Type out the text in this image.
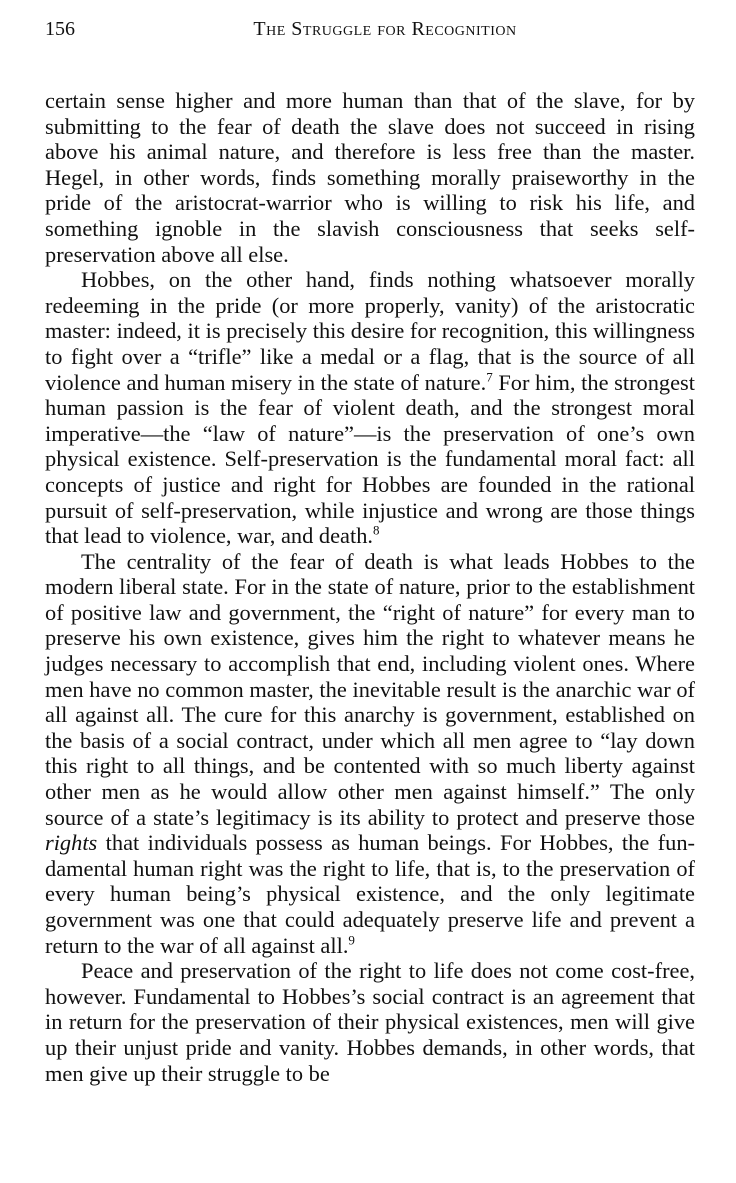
156	The Struggle for Recognition

certain sense higher and more human than that of the slave, for by submitting to the fear of death the slave does not succeed in rising above his animal nature, and therefore is less free than the master. Hegel, in other words, finds something morally praiseworthy in the pride of the aristocrat-warrior who is willing to risk his life, and something ignoble in the slavish consciousness that seeks self-preservation above all else.

Hobbes, on the other hand, finds nothing whatsoever morally redeeming in the pride (or more properly, vanity) of the aristocratic master: indeed, it is precisely this desire for recognition, this willingness to fight over a “trifle” like a medal or a flag, that is the source of all violence and human misery in the state of nature.$^7$ For him, the strongest human passion is the fear of violent death, and the strongest moral imperative—the “law of nature”—is the preservation of one’s own physical existence. Self-preservation is the fundamental moral fact: all concepts of justice and right for Hobbes are founded in the rational pursuit of self-preservation, while injustice and wrong are those things that lead to violence, war, and death.$^8$

The centrality of the fear of death is what leads Hobbes to the modern liberal state. For in the state of nature, prior to the establishment of positive law and government, the “right of nature” for every man to preserve his own existence, gives him the right to whatever means he judges necessary to accomplish that end, including violent ones. Where men have no common master, the inevitable result is the anarchic war of all against all. The cure for this anarchy is government, established on the basis of a social contract, under which all men agree to “lay down this right to all things, and be contented with so much liberty against other men as he would allow other men against himself.” The only source of a state’s legitimacy is its ability to protect and preserve those rights that individuals possess as human beings. For Hobbes, the fundamental human right was the right to life, that is, to the preservation of every human being’s physical existence, and the only legitimate government was one that could adequately preserve life and prevent a return to the war of all against all.$^9$

Peace and preservation of the right to life does not come cost-free, however. Fundamental to Hobbes’s social contract is an agreement that in return for the preservation of their physical existences, men will give up their unjust pride and vanity. Hobbes demands, in other words, that men give up their struggle to be
